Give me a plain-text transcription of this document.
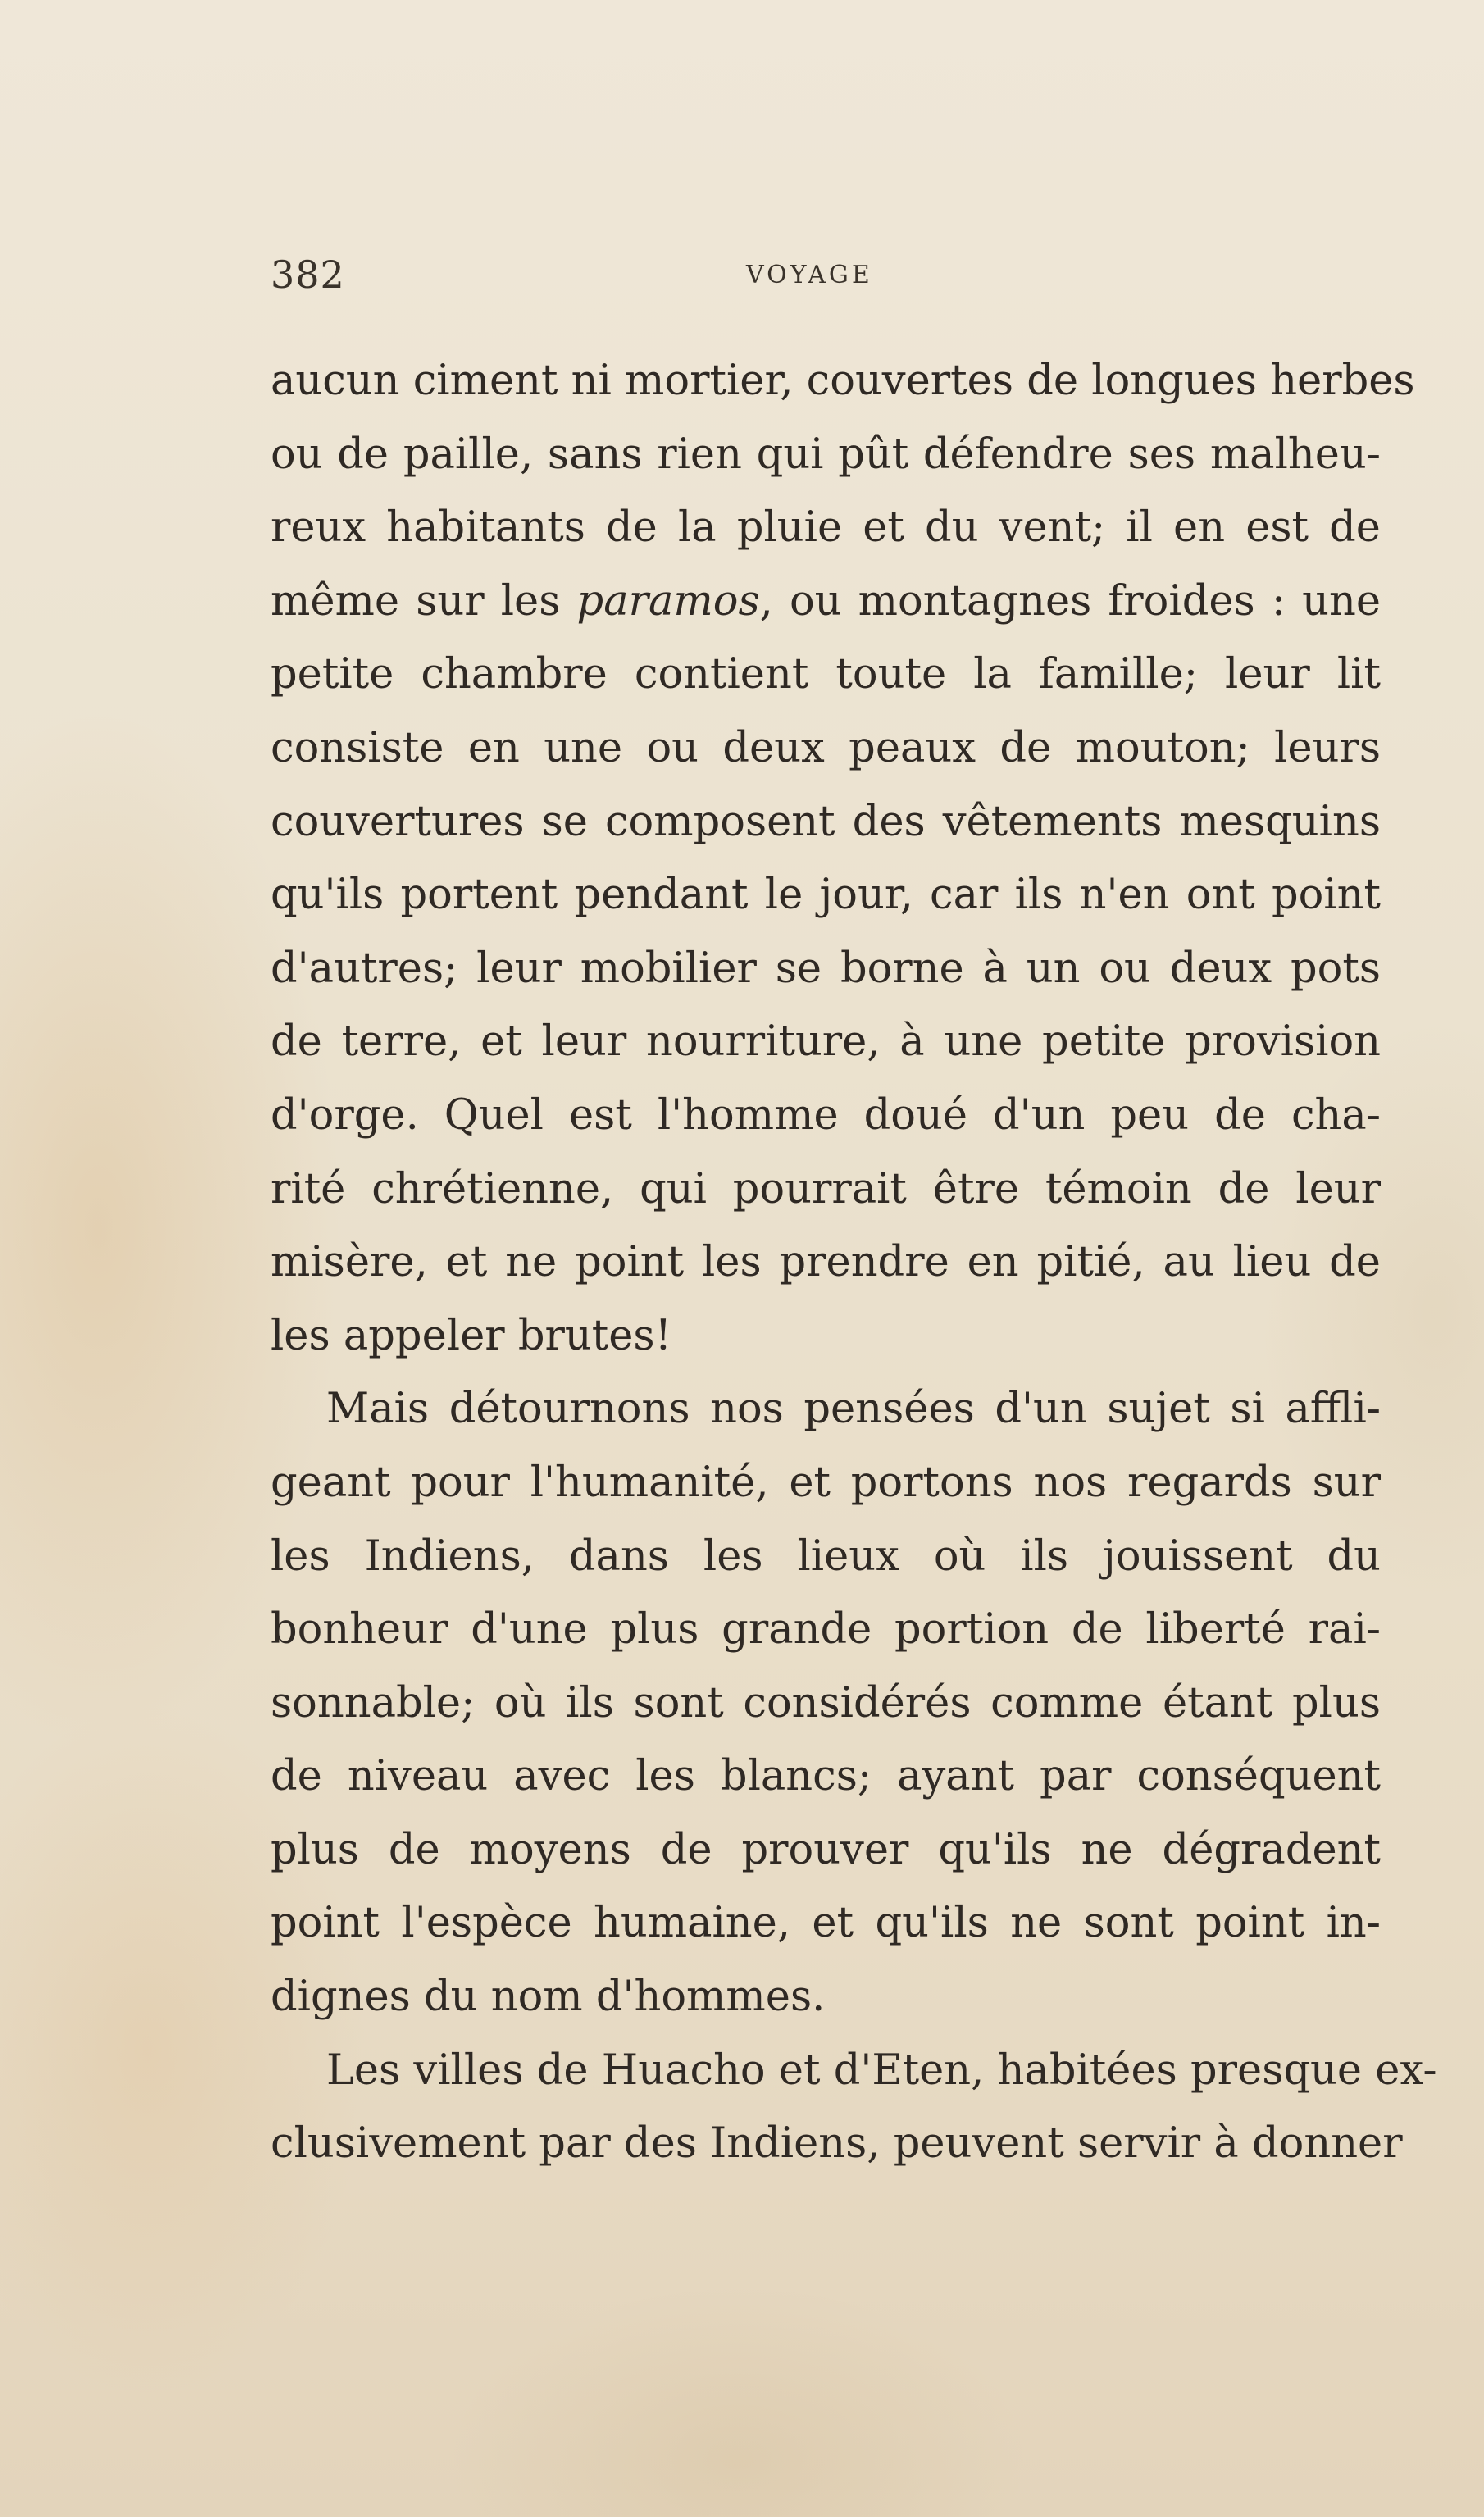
382	VOYAGE
aucun ciment ni mortier, couvertes de longues herbes
ou de paille, sans rien qui pût défendre ses malheu-
reux habitants de la pluie et du vent; il en est de
même sur les paramos, ou montagnes froides : une
petite chambre contient toute la famille; leur lit
consiste en une ou deux peaux de mouton; leurs
couvertures se composent des vêtements mesquins
qu'ils portent pendant le jour, car ils n'en ont point
d'autres; leur mobilier se borne à un ou deux pots
de terre, et leur nourriture, à une petite provision
d'orge. Quel est l'homme doué d'un peu de cha-
rité chrétienne, qui pourrait être témoin de leur
misère, et ne point les prendre en pitié, au lieu de
les appeler brutes!
Mais détournons nos pensées d'un sujet si affli-
geant pour l'humanité, et portons nos regards sur
les Indiens, dans les lieux où ils jouissent du
bonheur d'une plus grande portion de liberté rai-
sonnable; où ils sont considérés comme étant plus
de niveau avec les blancs; ayant par conséquent
plus de moyens de prouver qu'ils ne dégradent
point l'espèce humaine, et qu'ils ne sont point in-
dignes du nom d'hommes.
Les villes de Huacho et d'Eten, habitées presque ex-
clusivement par des Indiens, peuvent servir à donner
